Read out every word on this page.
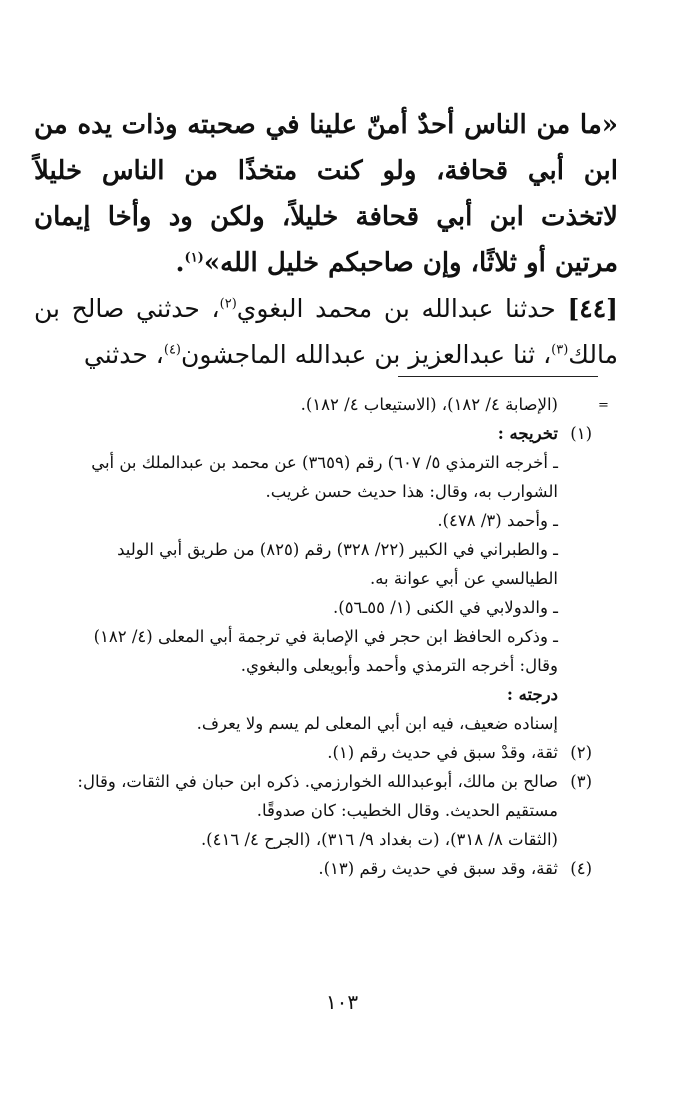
«ما من الناس أحدٌ أمنّ علينا في صحبته وذات يده من ابن أبي قحافة، ولو كنت متخذًا من الناس خليلاً لاتخذت ابن أبي قحافة خليلاً، ولكن ود وأخا إيمان مرتين أو ثلاثًا، وإن صاحبكم خليل الله»$^{(١)}$.

[٤٤] حدثنا عبدالله بن محمد البغوي$^{(٢)}$، حدثني صالح بن مالك$^{(٣)}$، ثنا عبدالعزيز بن عبدالله الماجشون$^{(٤)}$، حدثني

=
(الإصابة ٤/ ١٨٢)، (الاستيعاب ٤/ ١٨٢).
(١)
تخريجه :
ـ أخرجه الترمذي ٥/ ٦٠٧) رقم (٣٦٥٩) عن محمد بن عبدالملك بن أبي
الشوارب به، وقال: هذا حديث حسن غريب.
ـ وأحمد (٣/ ٤٧٨).
ـ والطبراني في الكبير (٢٢/ ٣٢٨) رقم (٨٢٥) من طريق أبي الوليد
الطيالسي عن أبي عوانة به.
ـ والدولابي في الكنى (١/ ٥٥ـ٥٦).
ـ وذكره الحافظ ابن حجر في الإصابة في ترجمة أبي المعلى (٤/ ١٨٢)
وقال: أخرجه الترمذي وأحمد وأبويعلى والبغوي.
درجته :
إسناده ضعيف، فيه ابن أبي المعلى لم يسم ولا يعرف.
(٢)
ثقة، وقدْ سبق في حديث رقم (١).
(٣)
صالح بن مالك، أبوعبدالله الخوارزمي. ذكره ابن حبان في الثقات، وقال:
مستقيم الحديث. وقال الخطيب: كان صدوقًا.
(الثقات ٨/ ٣١٨)، (ت بغداد ٩/ ٣١٦)، (الجرح ٤/ ٤١٦).
(٤)
ثقة، وقد سبق في حديث رقم (١٣).
١٠٣
